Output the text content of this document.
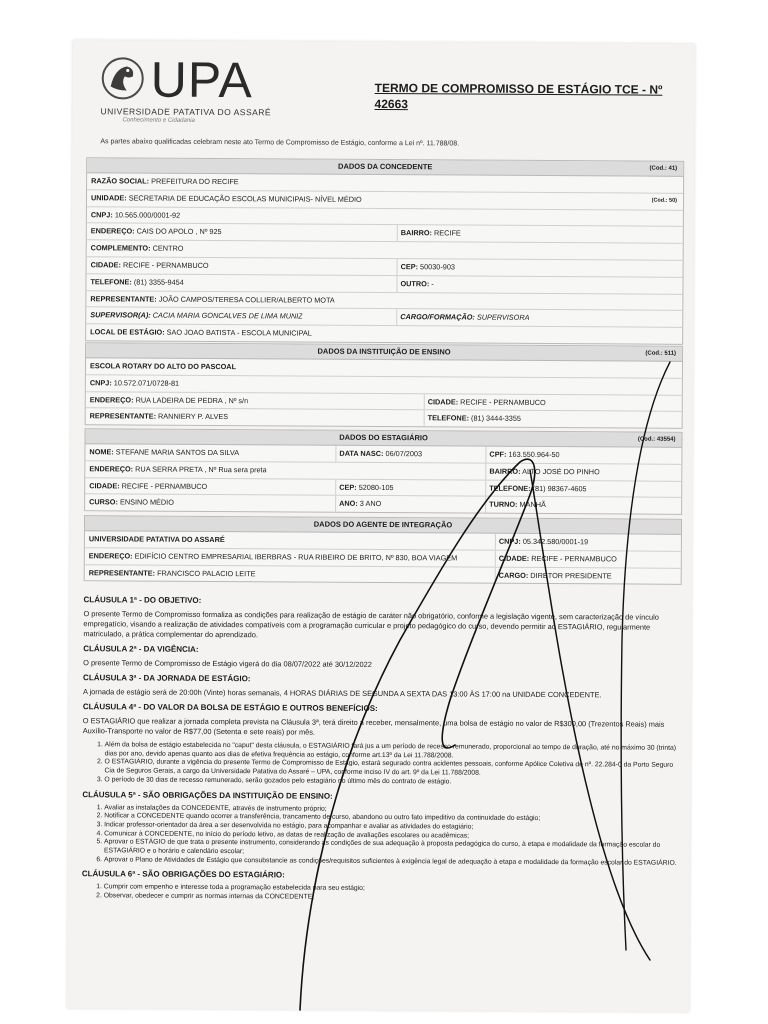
UPA
UNIVERSIDADE PATATIVA DO ASSARÉ
Conhecimento e Cidadania
TERMO DE COMPROMISSO DE ESTÁGIO TCE - Nº 42663
As partes abaixo qualificadas celebram neste ato Termo de Compromisso de Estágio, conforme a Lei nº. 11.788/08.
DADOS DA CONCEDENTE	(Cod.: 41)
RAZÃO SOCIAL: PREFEITURA DO RECIFE
UNIDADE: SECRETARIA DE EDUCAÇÃO ESCOLAS MUNICIPAIS- NÍVEL MÉDIO	(Cod.: 50)
CNPJ: 10.565.000/0001-92
ENDEREÇO: CAIS DO APOLO , Nº 925	BAIRRO: RECIFE
COMPLEMENTO: CENTRO
CIDADE: RECIFE - PERNAMBUCO	CEP: 50030-903
TELEFONE: (81) 3355-9454	OUTRO: -
REPRESENTANTE: JOÃO CAMPOS/TERESA COLLIER/ALBERTO MOTA
SUPERVISOR(A): CACIA MARIA GONCALVES DE LIMA MUNIZ	CARGO/FORMAÇÃO: SUPERVISORA
LOCAL DE ESTÁGIO: SAO JOAO BATISTA - ESCOLA MUNICIPAL
DADOS DA INSTITUIÇÃO DE ENSINO	(Cod.: 511)
ESCOLA ROTARY DO ALTO DO PASCOAL
CNPJ: 10.572.071/0728-81
ENDEREÇO: RUA LADEIRA DE PEDRA , Nº s/n	CIDADE: RECIFE - PERNAMBUCO
REPRESENTANTE: RANNIERY P. ALVES	TELEFONE: (81) 3444-3355
DADOS DO ESTAGIÁRIO	(Cod.: 43554)
NOME: STEFANE MARIA SANTOS DA SILVA	DATA NASC: 06/07/2003	CPF: 163.550.964-50
ENDEREÇO: RUA SERRA PRETA , Nº Rua sera preta	BAIRRO: ALTO JOSÉ DO PINHO
CIDADE: RECIFE - PERNAMBUCO	CEP: 52080-105	TELEFONE: (81) 98367-4605
CURSO: ENSINO MÉDIO	ANO: 3 ANO	TURNO: MANHÃ
DADOS DO AGENTE DE INTEGRAÇÃO
UNIVERSIDADE PATATIVA DO ASSARÉ	CNPJ: 05.342.580/0001-19
ENDEREÇO: EDIFÍCIO CENTRO EMPRESARIAL IBERBRAS - RUA RIBEIRO DE BRITO, Nº 830, BOA VIAGEM	CIDADE: RECIFE - PERNAMBUCO
REPRESENTANTE: FRANCISCO PALACIO LEITE	CARGO: DIRETOR PRESIDENTE
CLÁUSULA 1ª - DO OBJETIVO:
O presente Termo de Compromisso formaliza as condições para realização de estágio de caráter não obrigatório, conforme a legislação vigente, sem caracterização de vínculo empregatício, visando a realização de atividades compatíveis com a programação curricular e projeto pedagógico do curso, devendo permitir ao ESTAGIÁRIO, regularmente matriculado, a prática complementar do aprendizado.
CLÁUSULA 2ª - DA VIGÊNCIA:
O presente Termo de Compromisso de Estágio vigerá do dia 08/07/2022 até 30/12/2022
CLÁUSULA 3ª - DA JORNADA DE ESTÁGIO:
A jornada de estágio será de 20:00h (Vinte) horas semanais, 4 HORAS DIÁRIAS DE SEGUNDA A SEXTA DAS 13:00 ÀS 17:00 na UNIDADE CONCEDENTE.
CLÁUSULA 4ª - DO VALOR DA BOLSA DE ESTÁGIO E OUTROS BENEFÍCIOS:
O ESTAGIÁRIO que realizar a jornada completa prevista na Cláusula 3ª, terá direito a receber, mensalmente, uma bolsa de estágio no valor de R$300,00 (Trezentos Reais) mais Auxílio-Transporte no valor de R$77,00 (Setenta e sete reais) por mês.
1. Além da bolsa de estágio estabelecida no "caput" desta cláusula, o ESTAGIÁRIO fará jus a um período de recesso remunerado, proporcional ao tempo de duração, até no máximo 30 (trinta) dias por ano, devido apenas quanto aos dias de efetiva frequência ao estágio, conforme art.13º da Lei 11.788/2008.
2. O ESTAGIÁRIO, durante a vigência do presente Termo de Compromisso de Estágio, estará segurado contra acidentes pessoais, conforme Apólice Coletiva de nº. 22.284-0 da Porto Seguro Cia de Seguros Gerais, a cargo da Universidade Patativa do Assaré – UPA, conforme inciso IV do art. 9º da Lei 11.788/2008.
3. O período de 30 dias de recesso remunerado, serão gozados pelo estagiário no último mês do contrato de estágio.
CLÁUSULA 5ª - SÃO OBRIGAÇÕES DA INSTITUIÇÃO DE ENSINO:
1. Avaliar as instalações da CONCEDENTE, através de instrumento próprio;
2. Notificar a CONCEDENTE quando ocorrer a transferência, trancamento de curso, abandono ou outro fato impeditivo da continuidade do estágio;
3. Indicar professor-orientador da área a ser desenvolvida no estágio, para acompanhar e avaliar as atividades do estagiário;
4. Comunicar à CONCEDENTE, no início do período letivo, as datas de realização de avaliações escolares ou acadêmicas;
5. Aprovar o ESTÁGIO de que trata o presente instrumento, considerando as condições de sua adequação à proposta pedagógica do curso, à etapa e modalidade da formação escolar do ESTAGIÁRIO e o horário e calendário escolar;
6. Aprovar o Plano de Atividades de Estágio que consubstancie as condições/requisitos suficientes à exigência legal de adequação à etapa e modalidade da formação escolar do ESTAGIÁRIO.
CLÁUSULA 6ª - SÃO OBRIGAÇÕES DO ESTAGIÁRIO:
1. Cumprir com empenho e interesse toda a programação estabelecida para seu estágio;
2. Observar, obedecer e cumprir as normas internas da CONCEDENTE;
